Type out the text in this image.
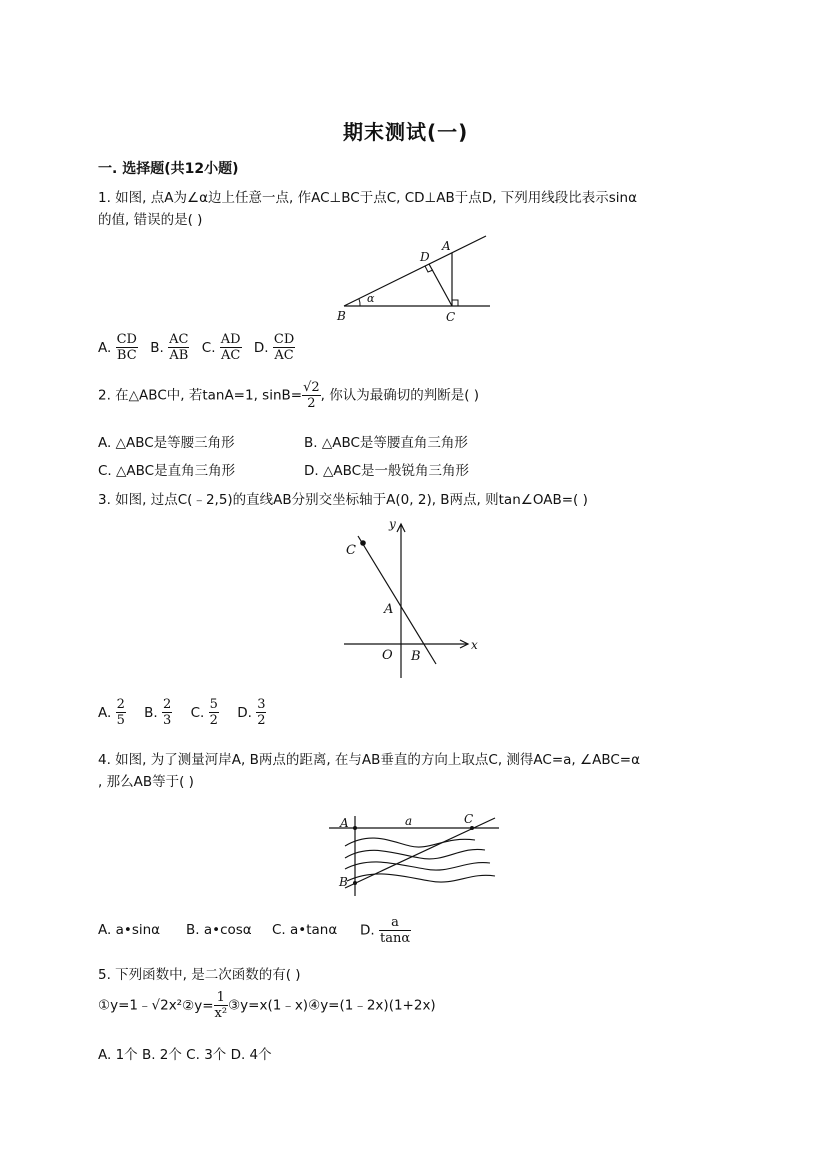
期末测试(一)
一. 选择题(共12小题)
1. 如图, 点A为∠α边上任意一点, 作AC⊥BC于点C, CD⊥AB于点D, 下列用线段比表示sinα
的值, 错误的是( )
A
D
B	C
α
A. $\frac{CD}{BC} B$. $\frac{AC}{AB} C$. $\frac{AD}{AC} D$. $\frac{CD}{AC}$
2. 在△ABC中, 若tanA=1, $\sin B= \frac{√2}{2}$ , 你认为最确切的判断是( )
A. △ABC是等腰三角形	B. △ABC是等腰直角三角形
C. △ABC是直角三角形	D. △ABC是一般锐角三角形
3. 如图, 过点C(﹣2,5)的直线AB分别交坐标轴于A(0, 2), B两点, 则tan∠OAB=( )
C
A
O B
x
y
A. $\frac{2}{5} B$. $\frac{2}{3} C$. $\frac{5}{2} D$. $\frac{3}{2}$
4. 如图, 为了测量河岸A, B两点的距离, 在与AB垂直的方向上取点C, 测得AC=a, ∠ABC=α
, 那么AB等于( )
A	a	C
B
A. a•sinα B. a•cosα C. a•tanα D. $\frac{a}{\tan\alpha}$
5. 下列函数中, 是二次函数的有( )
①y=1﹣√2x²②y= $\frac{1}{\text{x²}}$ ③y=x(1﹣x)④y=(1﹣2x)(1+2x)
A. 1个 B. 2个 C. 3个 D. 4个
